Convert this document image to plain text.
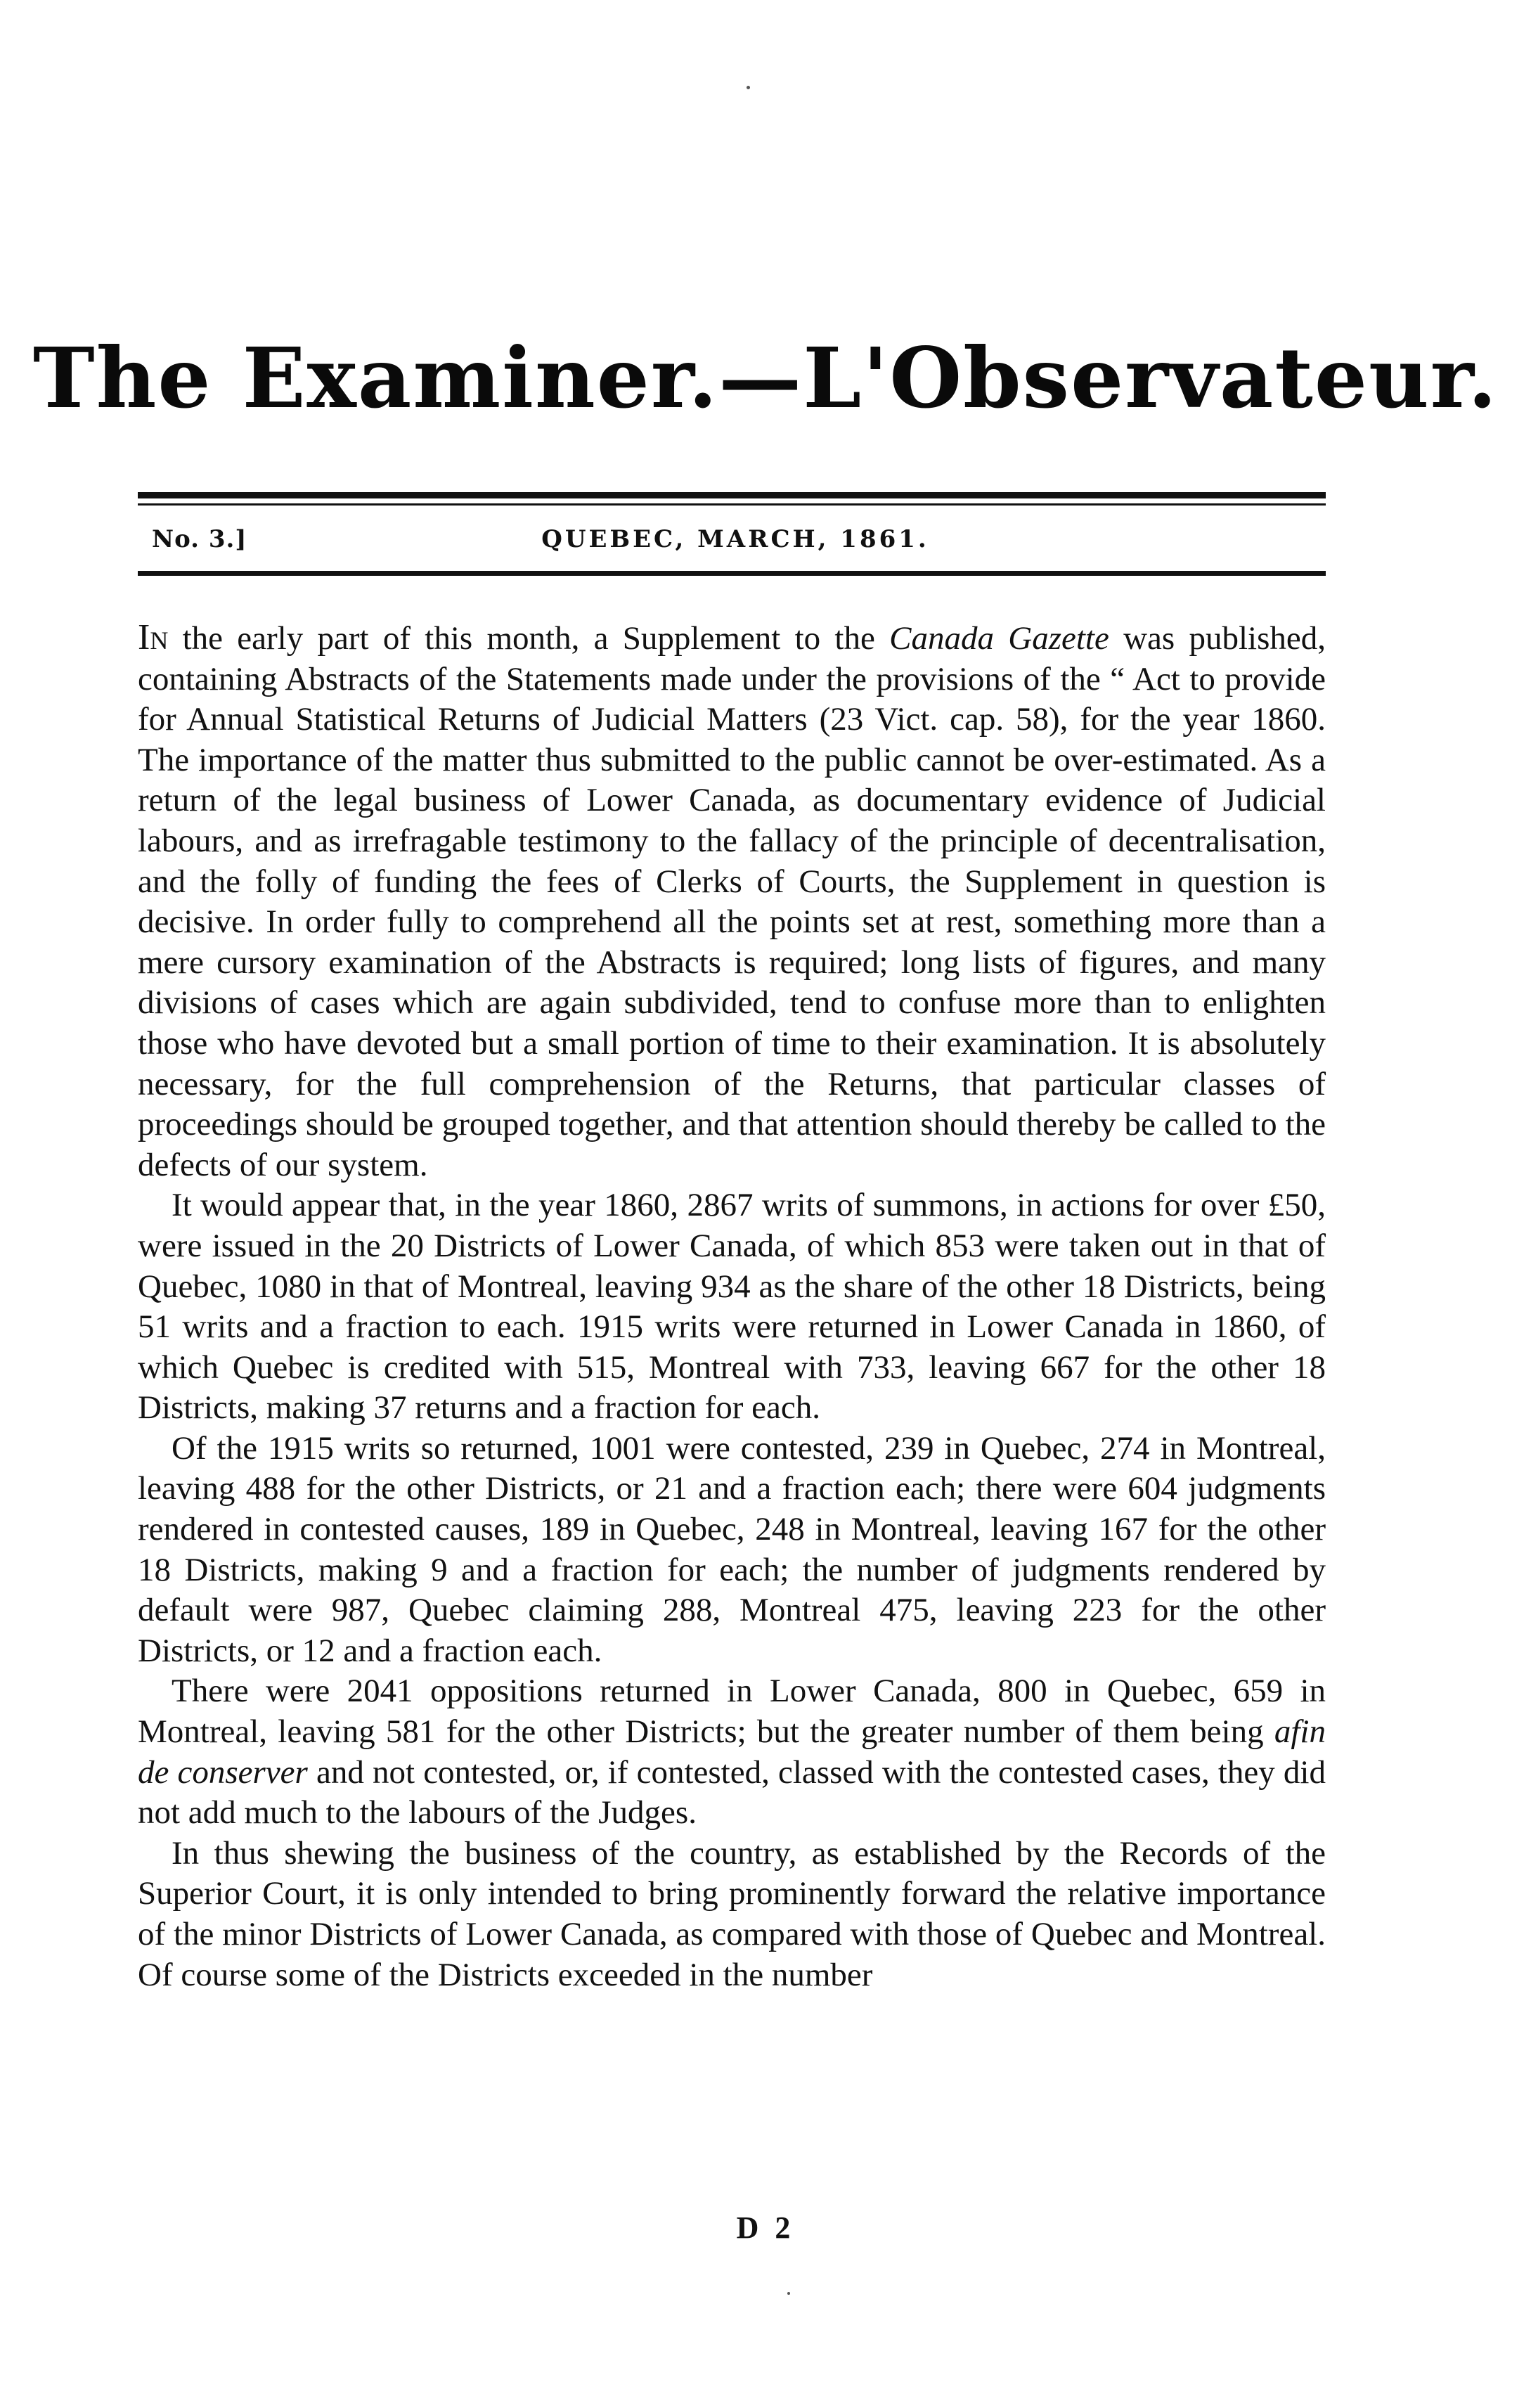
The Examiner.—L'Observateur.
No. 3.]	QUEBEC, MARCH, 1861.

In the early part of this month, a Supplement to the Canada Gazette was published, containing Abstracts of the Statements made under the provisions of the “ Act to provide for Annual Statistical Returns of Judicial Matters (23 Vict. cap. 58), for the year 1860. The importance of the matter thus submitted to the public cannot be over-estimated. As a return of the legal business of Lower Canada, as documentary evidence of Judicial labours, and as irrefragable testimony to the fallacy of the principle of decentralisation, and the folly of funding the fees of Clerks of Courts, the Supplement in question is decisive. In order fully to comprehend all the points set at rest, something more than a mere cursory examination of the Abstracts is required; long lists of figures, and many divisions of cases which are again subdivided, tend to confuse more than to enlighten those who have devoted but a small portion of time to their examination. It is absolutely necessary, for the full comprehension of the Returns, that particular classes of proceedings should be grouped together, and that attention should thereby be called to the defects of our system.

It would appear that, in the year 1860, 2867 writs of summons, in actions for over £50, were issued in the 20 Districts of Lower Canada, of which 853 were taken out in that of Quebec, 1080 in that of Montreal, leaving 934 as the share of the other 18 Districts, being 51 writs and a fraction to each. 1915 writs were returned in Lower Canada in 1860, of which Quebec is credited with 515, Montreal with 733, leaving 667 for the other 18 Districts, making 37 returns and a fraction for each.

Of the 1915 writs so returned, 1001 were contested, 239 in Quebec, 274 in Montreal, leaving 488 for the other Districts, or 21 and a fraction each; there were 604 judgments rendered in contested causes, 189 in Quebec, 248 in Montreal, leaving 167 for the other 18 Districts, making 9 and a fraction for each; the number of judgments rendered by default were 987, Quebec claiming 288, Montreal 475, leaving 223 for the other Districts, or 12 and a fraction each.

There were 2041 oppositions returned in Lower Canada, 800 in Quebec, 659 in Montreal, leaving 581 for the other Districts; but the greater number of them being afin de conserver and not contested, or, if contested, classed with the contested cases, they did not add much to the labours of the Judges.

In thus shewing the business of the country, as established by the Records of the Superior Court, it is only intended to bring prominently forward the relative importance of the minor Districts of Lower Canada, as compared with those of Quebec and Montreal. Of course some of the Districts exceeded in the number

D 2
